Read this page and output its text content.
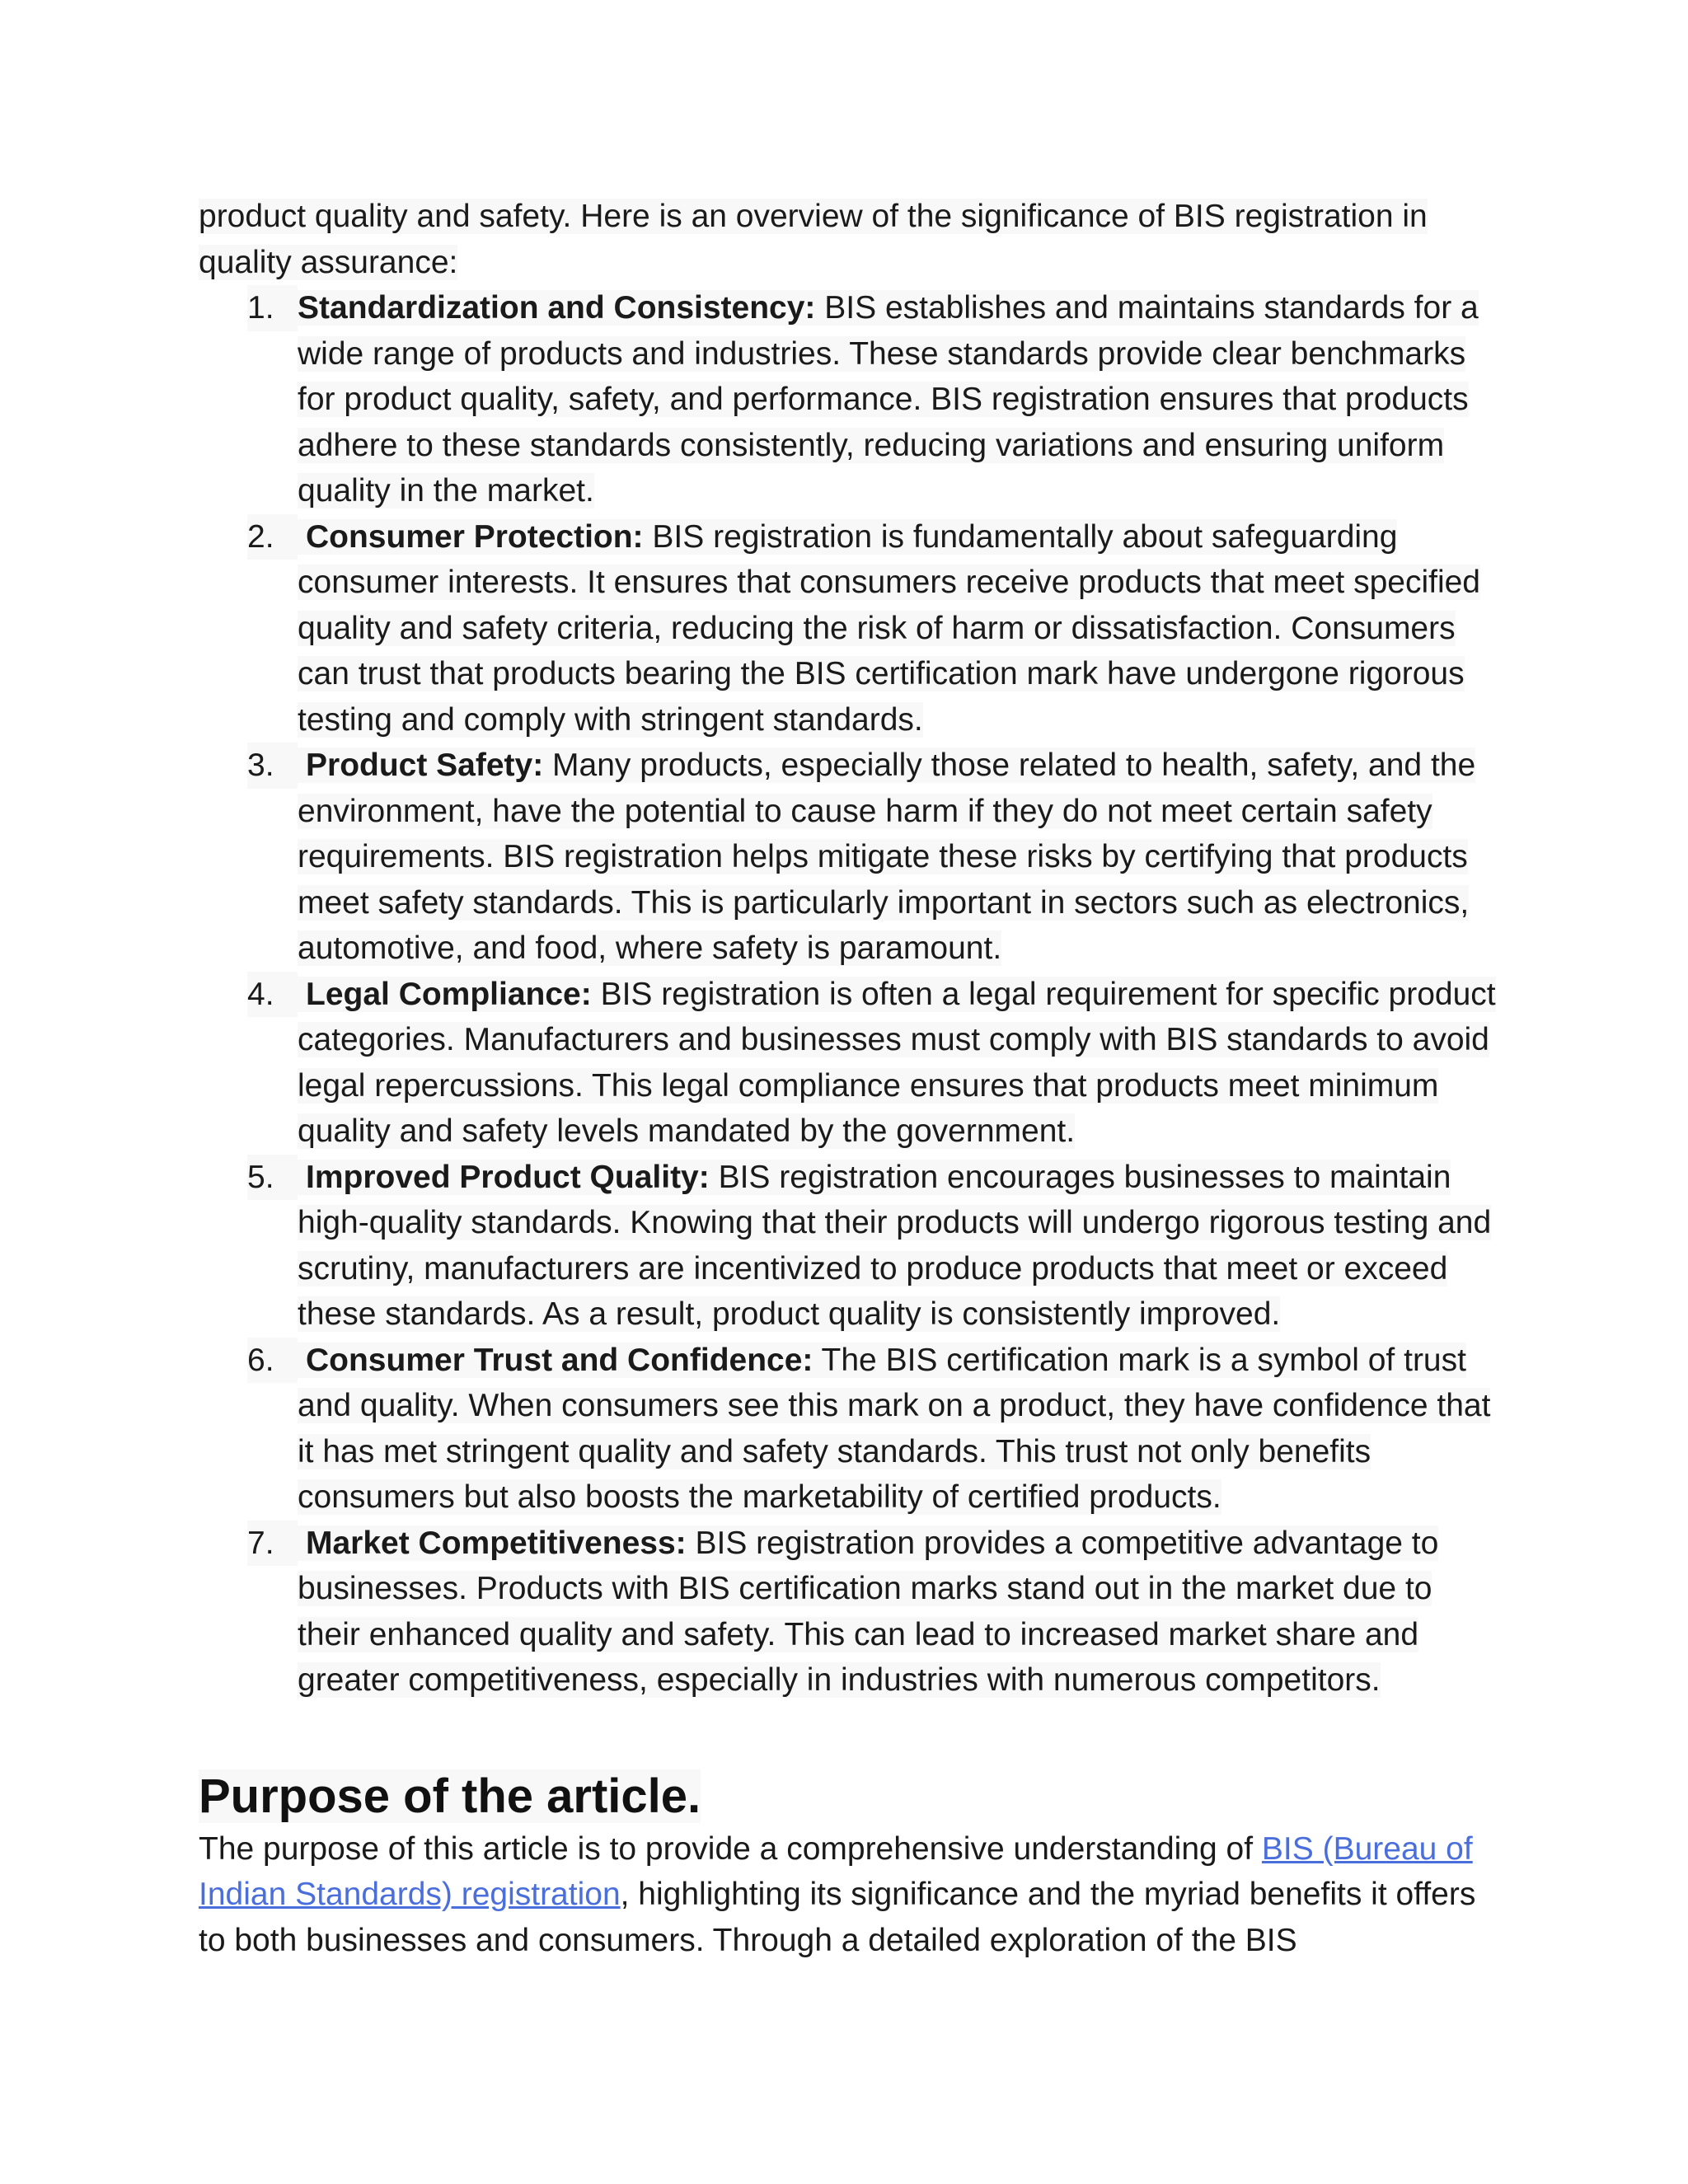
product quality and safety. Here is an overview of the significance of BIS registration in quality assurance:

1. Standardization and Consistency: BIS establishes and maintains standards for a wide range of products and industries. These standards provide clear benchmarks for product quality, safety, and performance. BIS registration ensures that products adhere to these standards consistently, reducing variations and ensuring uniform quality in the market.
2. Consumer Protection: BIS registration is fundamentally about safeguarding consumer interests. It ensures that consumers receive products that meet specified quality and safety criteria, reducing the risk of harm or dissatisfaction. Consumers can trust that products bearing the BIS certification mark have undergone rigorous testing and comply with stringent standards.
3. Product Safety: Many products, especially those related to health, safety, and the environment, have the potential to cause harm if they do not meet certain safety requirements. BIS registration helps mitigate these risks by certifying that products meet safety standards. This is particularly important in sectors such as electronics, automotive, and food, where safety is paramount.
4. Legal Compliance: BIS registration is often a legal requirement for specific product categories. Manufacturers and businesses must comply with BIS standards to avoid legal repercussions. This legal compliance ensures that products meet minimum quality and safety levels mandated by the government.
5. Improved Product Quality: BIS registration encourages businesses to maintain high-quality standards. Knowing that their products will undergo rigorous testing and scrutiny, manufacturers are incentivized to produce products that meet or exceed these standards. As a result, product quality is consistently improved.
6. Consumer Trust and Confidence: The BIS certification mark is a symbol of trust and quality. When consumers see this mark on a product, they have confidence that it has met stringent quality and safety standards. This trust not only benefits consumers but also boosts the marketability of certified products.
7. Market Competitiveness: BIS registration provides a competitive advantage to businesses. Products with BIS certification marks stand out in the market due to their enhanced quality and safety. This can lead to increased market share and greater competitiveness, especially in industries with numerous competitors.
Purpose of the article.

The purpose of this article is to provide a comprehensive understanding of BIS (Bureau of Indian Standards) registration, highlighting its significance and the myriad benefits it offers to both businesses and consumers. Through a detailed exploration of the BIS
